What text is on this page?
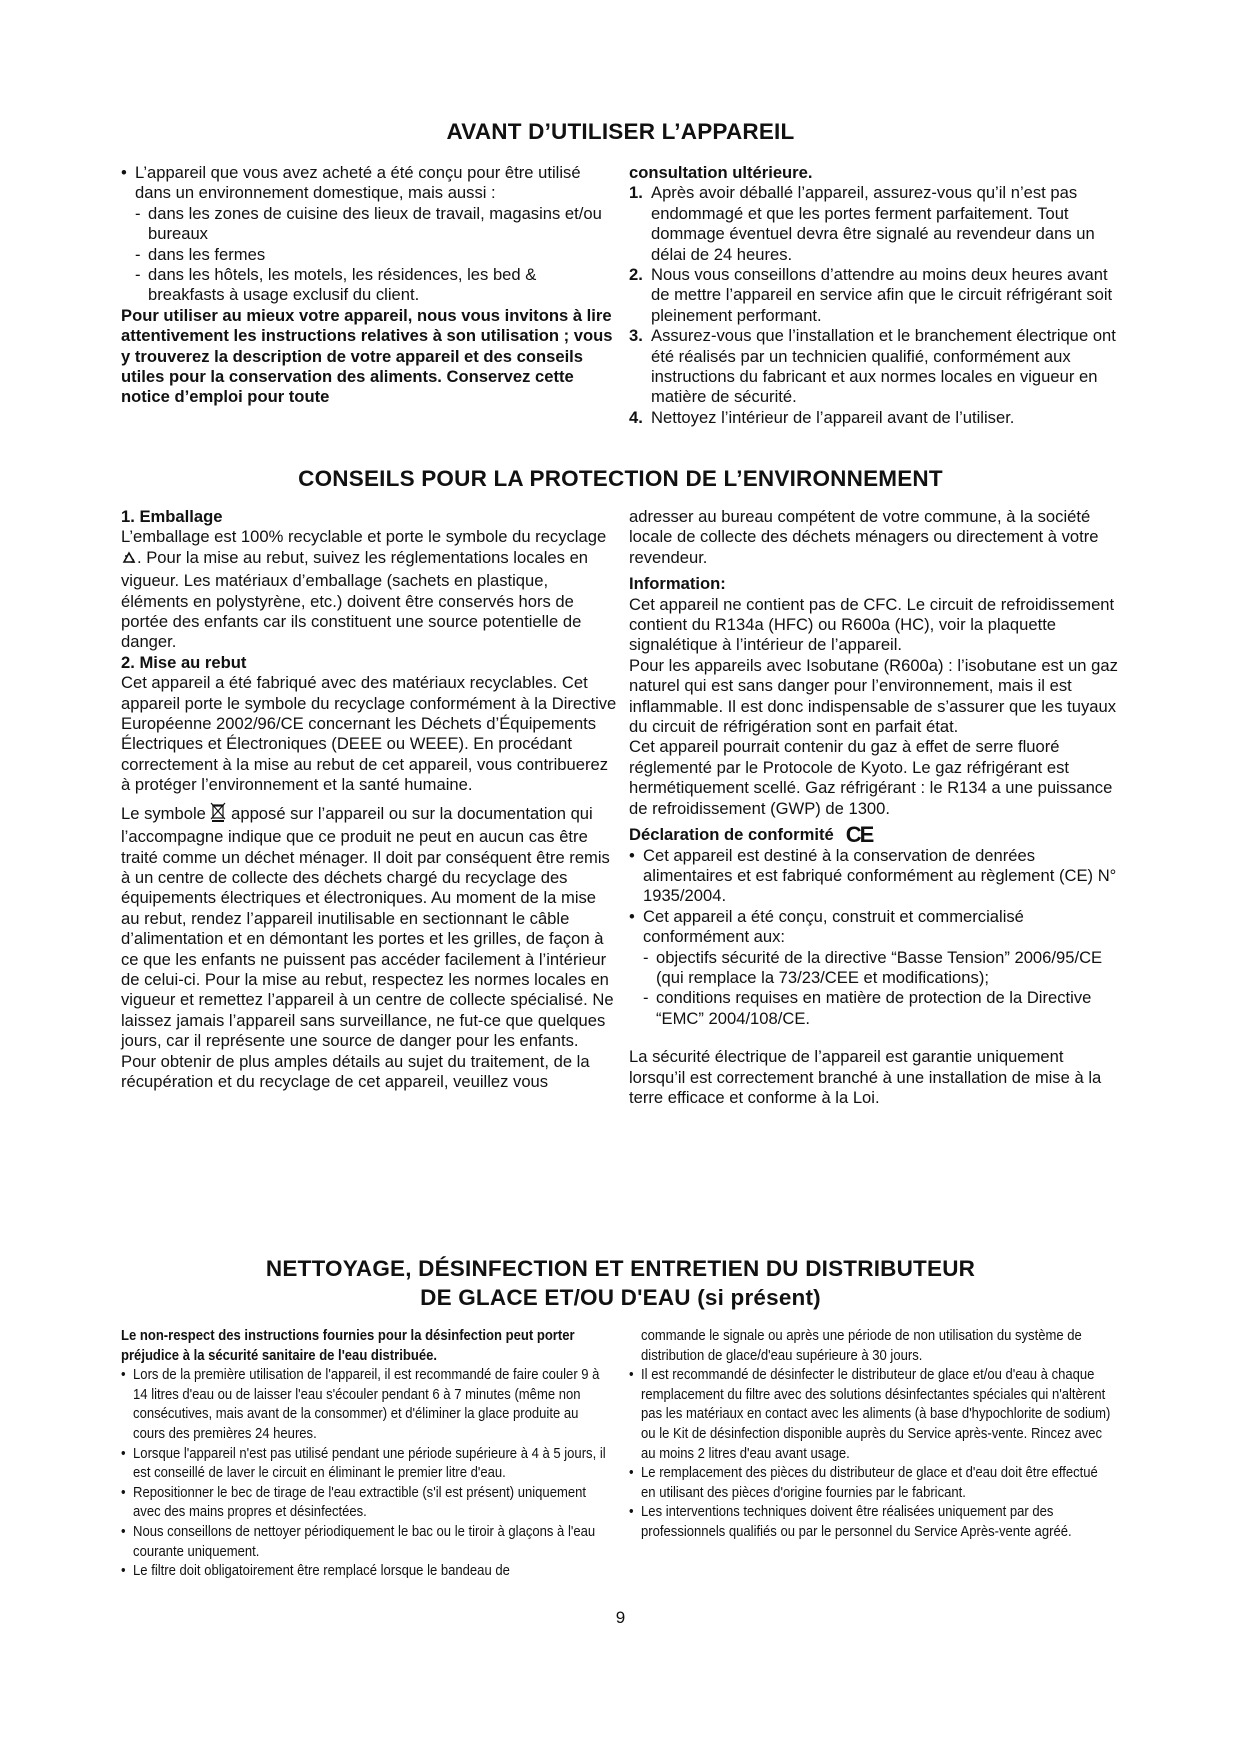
AVANT D’UTILISER L’APPAREIL
• L’appareil que vous avez acheté a été conçu pour être utilisé dans un environnement domestique, mais aussi :
- dans les zones de cuisine des lieux de travail, magasins et/ou bureaux
- dans les fermes
- dans les hôtels, les motels, les résidences, les bed & breakfasts à usage exclusif du client.

Pour utiliser au mieux votre appareil, nous vous invitons à lire attentivement les instructions relatives à son utilisation ; vous y trouverez la description de votre appareil et des conseils utiles pour la conservation des aliments. Conservez cette notice d’emploi pour toute

consultation ultérieure.

1. Après avoir déballé l’appareil, assurez-vous qu’il n’est pas endommagé et que les portes ferment parfaitement. Tout dommage éventuel devra être signalé au revendeur dans un délai de 24 heures.
2. Nous vous conseillons d’attendre au moins deux heures avant de mettre l’appareil en service afin que le circuit réfrigérant soit pleinement performant.
3. Assurez-vous que l’installation et le branchement électrique ont été réalisés par un technicien qualifié, conformément aux instructions du fabricant et aux normes locales en vigueur en matière de sécurité.
4. Nettoyez l’intérieur de l’appareil avant de l’utiliser.
CONSEILS POUR LA PROTECTION DE L’ENVIRONNEMENT

1. Emballage

L’emballage est 100% recyclable et porte le symbole du recyclage . Pour la mise au rebut, suivez les réglementations locales en vigueur. Les matériaux d’emballage (sachets en plastique, éléments en polystyrène, etc.) doivent être conservés hors de portée des enfants car ils constituent une source potentielle de danger.

2. Mise au rebut

Cet appareil a été fabriqué avec des matériaux recyclables. Cet appareil porte le symbole du recyclage conformément à la Directive Européenne 2002/96/CE concernant les Déchets d’Équipements Électriques et Électroniques (DEEE ou WEEE). En procédant correctement à la mise au rebut de cet appareil, vous contribuerez à protéger l’environnement et la santé humaine.

Le symbole apposé sur l’appareil ou sur la documentation qui l’accompagne indique que ce produit ne peut en aucun cas être traité comme un déchet ménager. Il doit par conséquent être remis à un centre de collecte des déchets chargé du recyclage des équipements électriques et électroniques. Au moment de la mise au rebut, rendez l’appareil inutilisable en sectionnant le câble d’alimentation et en démontant les portes et les grilles, de façon à ce que les enfants ne puissent pas accéder facilement à l’intérieur de celui-ci. Pour la mise au rebut, respectez les normes locales en vigueur et remettez l’appareil à un centre de collecte spécialisé. Ne laissez jamais l’appareil sans surveillance, ne fut-ce que quelques jours, car il représente une source de danger pour les enfants. Pour obtenir de plus amples détails au sujet du traitement, de la récupération et du recyclage de cet appareil, veuillez vous

adresser au bureau compétent de votre commune, à la société locale de collecte des déchets ménagers ou directement à votre revendeur.

Information:

Cet appareil ne contient pas de CFC. Le circuit de refroidissement contient du R134a (HFC) ou R600a (HC), voir la plaquette signalétique à l’intérieur de l’appareil.

Pour les appareils avec Isobutane (R600a) : l’isobutane est un gaz naturel qui est sans danger pour l’environnement, mais il est inflammable. Il est donc indispensable de s’assurer que les tuyaux du circuit de réfrigération sont en parfait état.

Cet appareil pourrait contenir du gaz à effet de serre fluoré réglementé par le Protocole de Kyoto. Le gaz réfrigérant est hermétiquement scellé. Gaz réfrigérant : le R134 a une puissance de refroidissement (GWP) de 1300.

Déclaration de conformité CE

• Cet appareil est destiné à la conservation de denrées alimentaires et est fabriqué conformément au règlement (CE) N° 1935/2004.
• Cet appareil a été conçu, construit et commercialisé conformément aux:
- objectifs sécurité de la directive “Basse Tension” 2006/95/CE (qui remplace la 73/23/CEE et modifications);
- conditions requises en matière de protection de la Directive “EMC” 2004/108/CE.

La sécurité électrique de l’appareil est garantie uniquement lorsqu’il est correctement branché à une installation de mise à la terre efficace et conforme à la Loi.

NETTOYAGE, DÉSINFECTION ET ENTRETIEN DU DISTRIBUTEUR
DE GLACE ET/OU D'EAU (si présent)

Le non-respect des instructions fournies pour la désinfection peut porter préjudice à la sécurité sanitaire de l'eau distribuée.

• Lors de la première utilisation de l'appareil, il est recommandé de faire couler 9 à 14 litres d'eau ou de laisser l'eau s'écouler pendant 6 à 7 minutes (même non consécutives, mais avant de la consommer) et d'éliminer la glace produite au cours des premières 24 heures.
• Lorsque l'appareil n'est pas utilisé pendant une période supérieure à 4 à 5 jours, il est conseillé de laver le circuit en éliminant le premier litre d'eau.
• Repositionner le bec de tirage de l'eau extractible (s'il est présent) uniquement avec des mains propres et désinfectées.
• Nous conseillons de nettoyer périodiquement le bac ou le tiroir à glaçons à l'eau courante uniquement.
• Le filtre doit obligatoirement être remplacé lorsque le bandeau de

commande le signale ou après une période de non utilisation du système de distribution de glace/d'eau supérieure à 30 jours.

• Il est recommandé de désinfecter le distributeur de glace et/ou d'eau à chaque remplacement du filtre avec des solutions désinfectantes spéciales qui n'altèrent pas les matériaux en contact avec les aliments (à base d'hypochlorite de sodium) ou le Kit de désinfection disponible auprès du Service après-vente. Rincez avec au moins 2 litres d'eau avant usage.
• Le remplacement des pièces du distributeur de glace et d'eau doit être effectué en utilisant des pièces d'origine fournies par le fabricant.
• Les interventions techniques doivent être réalisées uniquement par des professionnels qualifiés ou par le personnel du Service Après-vente agréé.
9
